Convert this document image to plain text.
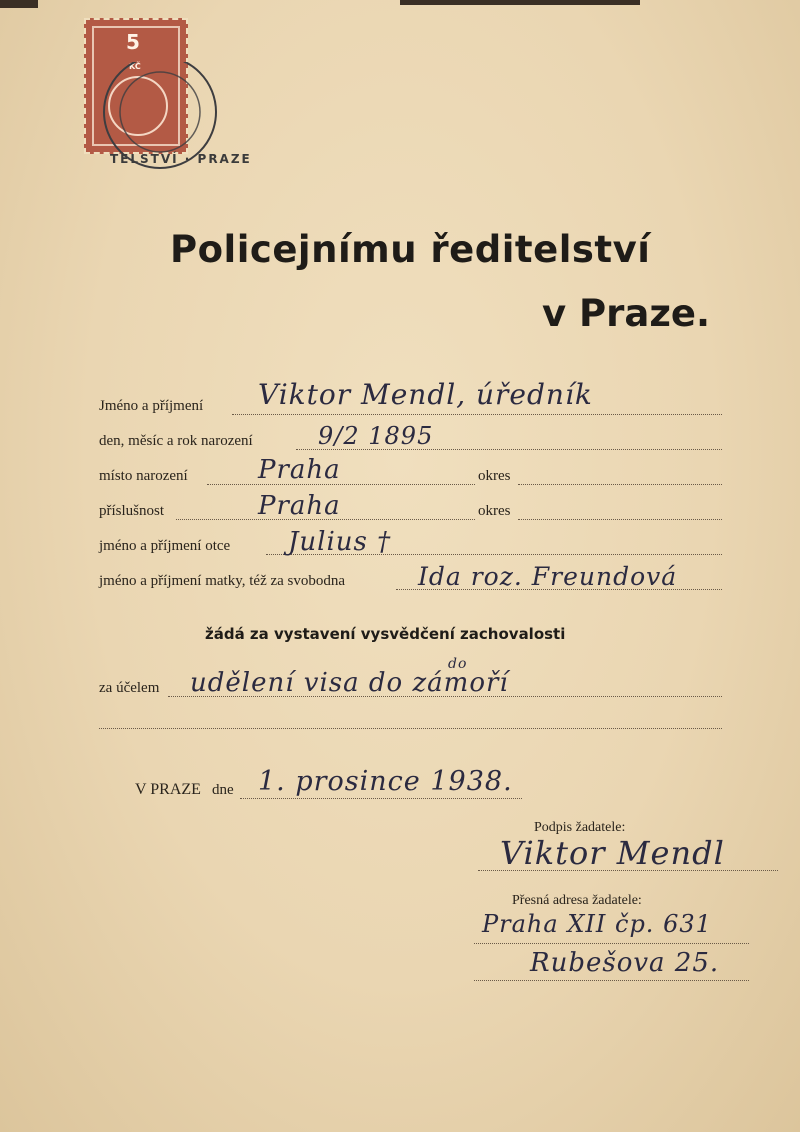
5
KČ
TELSTVÍ · PRAZE
Policejnímu ředitelství
v Praze.
Jméno a příjmení Viktor Mendl, úředník
den, měsíc a rok narození	9/2 1895
místo narození	Praha	okres
příslušnost	Praha	okres
jméno a příjmení otce Julius †
jméno a příjmení matky, též za svobodna	Ida roz. Freundová
žádá za vystavení vysvědčení zachovalosti
za účelem
do
udělení visa do zámoří
V PRAZE dne 1. prosince 1938.
Podpis žadatele:
Viktor Mendl
Přesná adresa žadatele:
Praha XII čp. 631
Rubešova 25.
